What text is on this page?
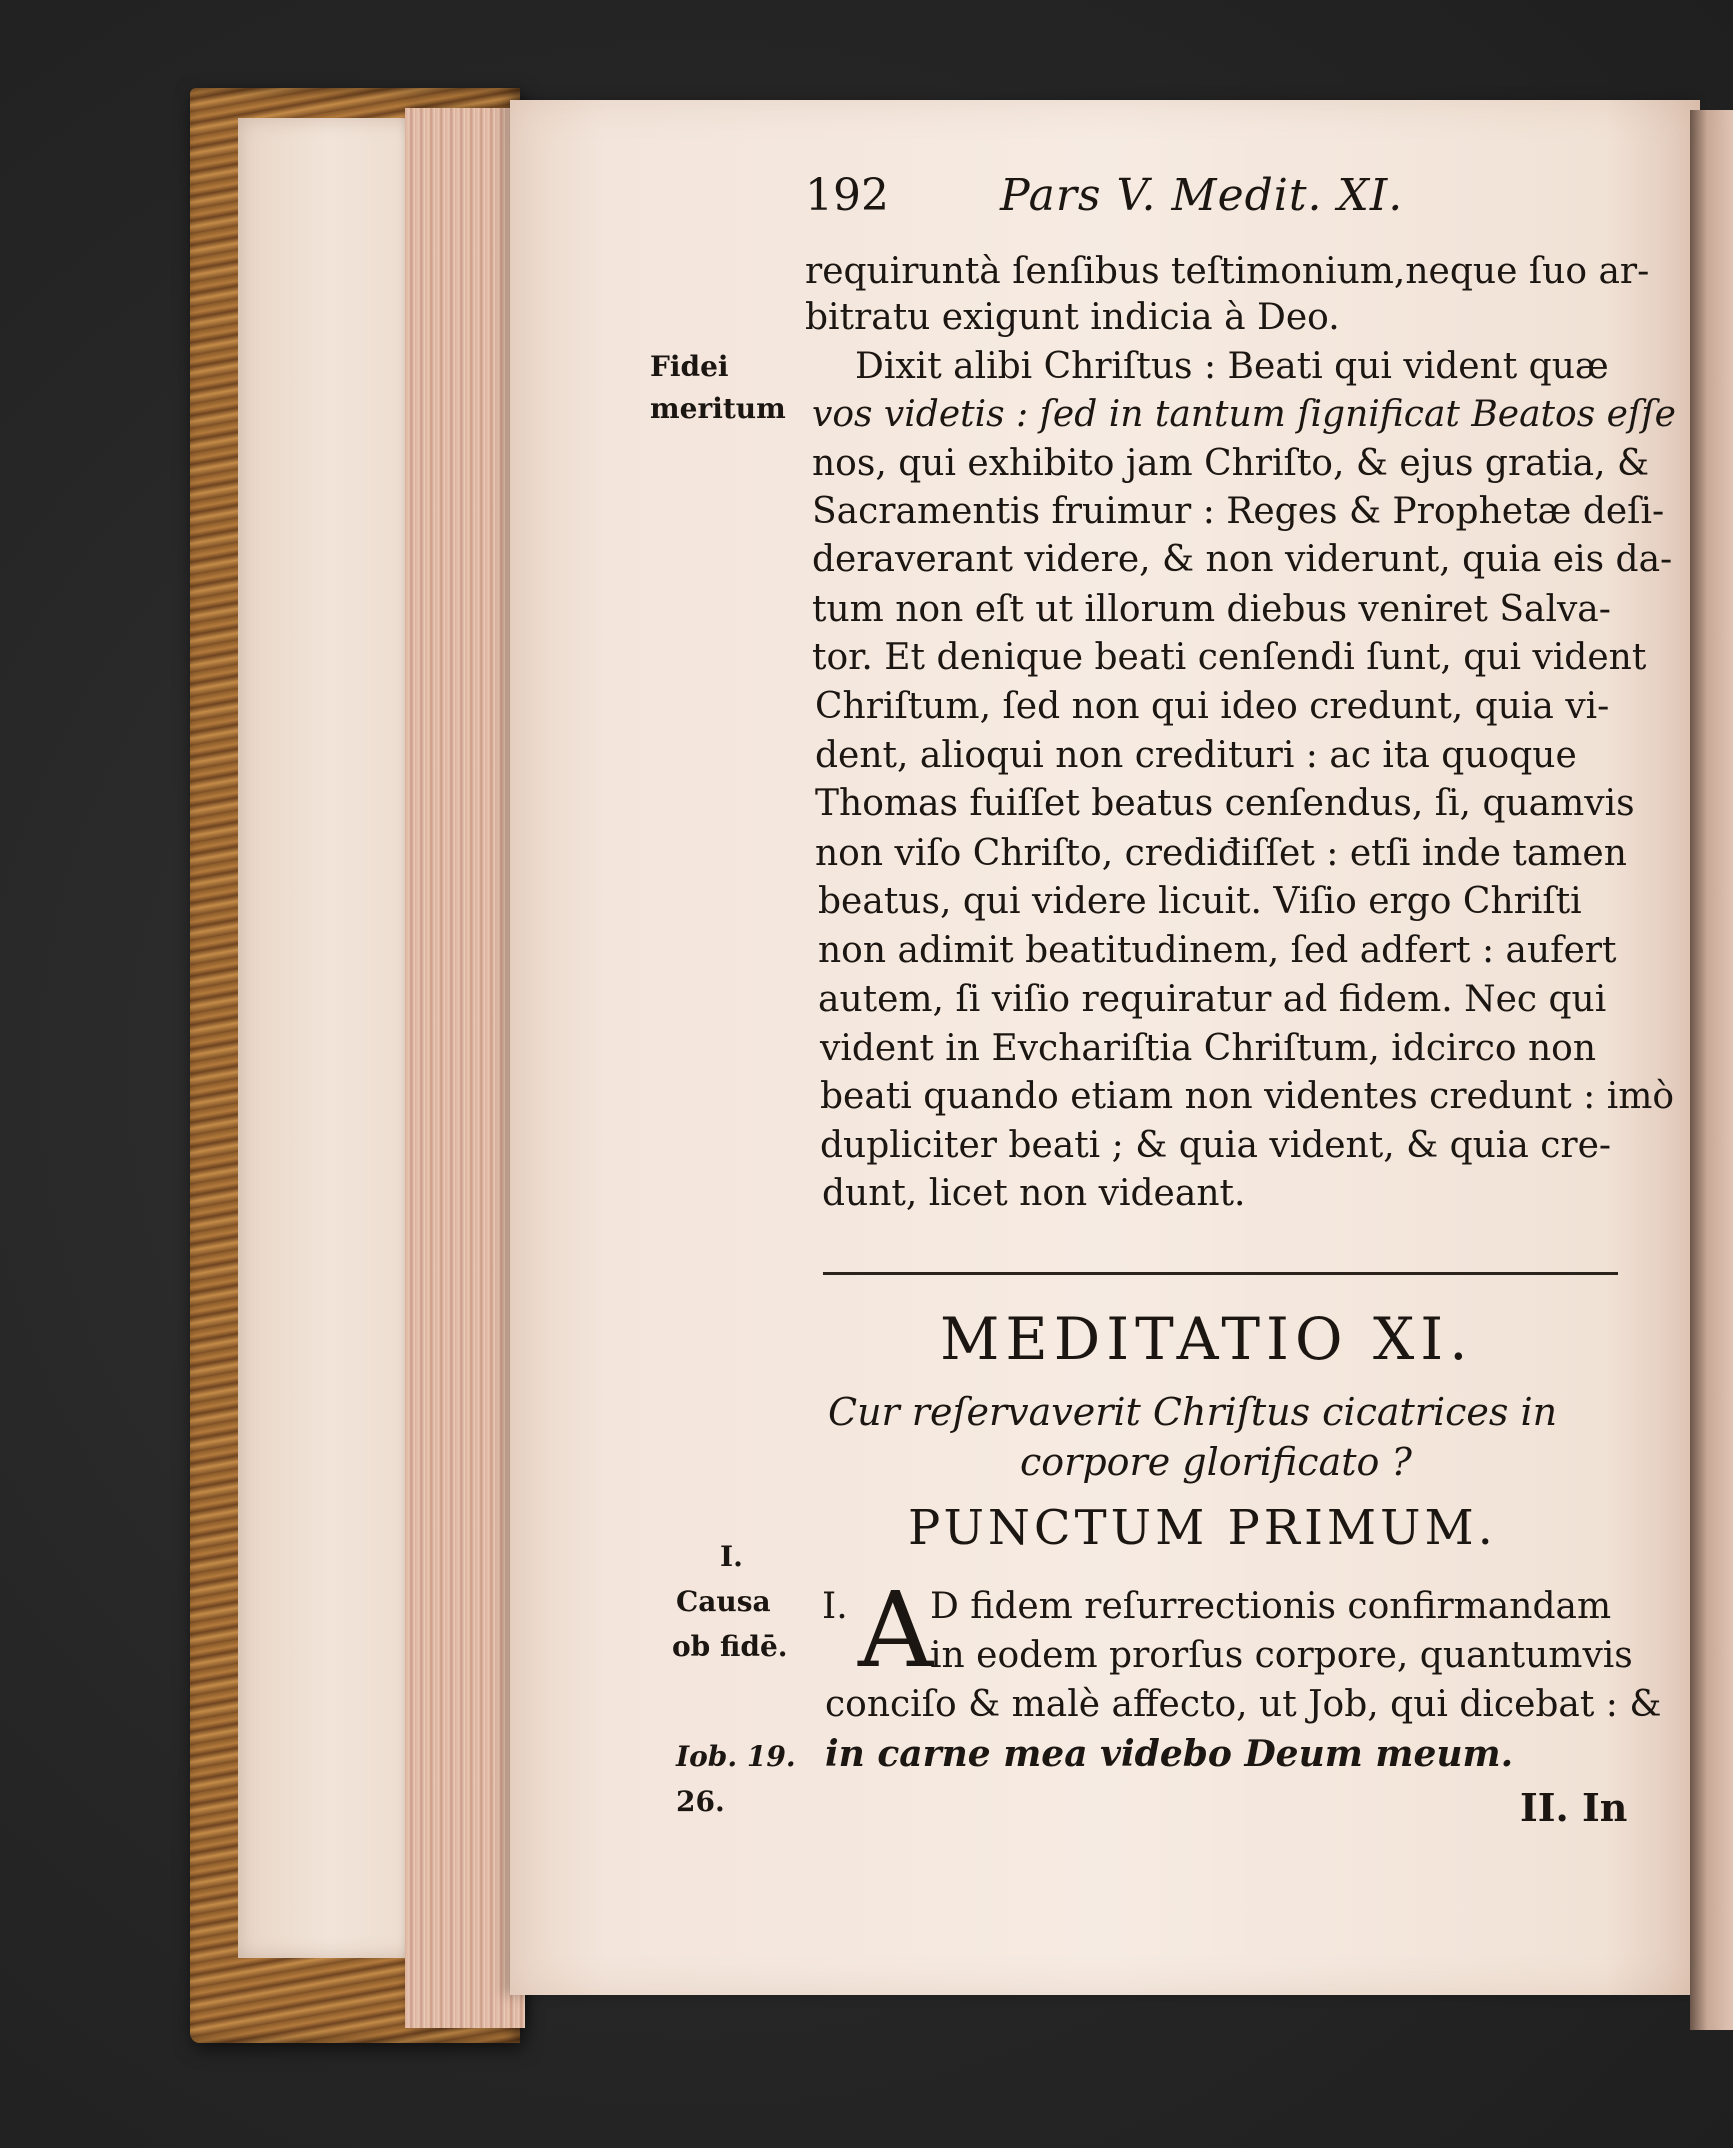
192	Pars V. Medit. XI.
requiruntà ſenſibus teſtimonium,neque ſuo ar-
bitratu exigunt indicia à Deo.
Dixit alibi Chriſtus : Beati qui vident quæ
vos videtis : ſed in tantum ſignificat Beatos eſſe
nos, qui exhibito jam Chriſto, & ejus gratia, &
Sacramentis fruimur : Reges & Prophetæ deſi-
deraverant videre, & non viderunt, quia eis da-
tum non eſt ut illorum diebus veniret Salva-
tor. Et denique beati cenſendi ſunt, qui vident
Chriſtum, ſed non qui ideo credunt, quia vi-
dent, alioqui non credituri : ac ita quoque
Thomas fuiſſet beatus cenſendus, ſi, quamvis
non viſo Chriſto, crediđiſſet : etſi inde tamen
beatus, qui videre licuit. Viſio ergo Chriſti
non adimit beatitudinem, ſed adfert : aufert
autem, ſi viſio requiratur ad fidem. Nec qui
vident in Evchariſtia Chriſtum, idcirco non
beati quando etiam non videntes credunt : imò
dupliciter beati ; & quia vident, & quia cre-
dunt, licet non videant.
Fidei
meritum
I.
Causa
ob fidē.
Iob. 19.
26.
MEDITATIO XI.
Cur reſervaverit Chriſtus cicatrices in
corpore glorificato ?
PUNCTUM PRIMUM.
I. A
D fidem reſurrectionis confirmandam
in eodem prorſus corpore, quantumvis
conciſo & malè affecto, ut Job, qui dicebat : &
in carne mea videbo Deum meum.
II. In
